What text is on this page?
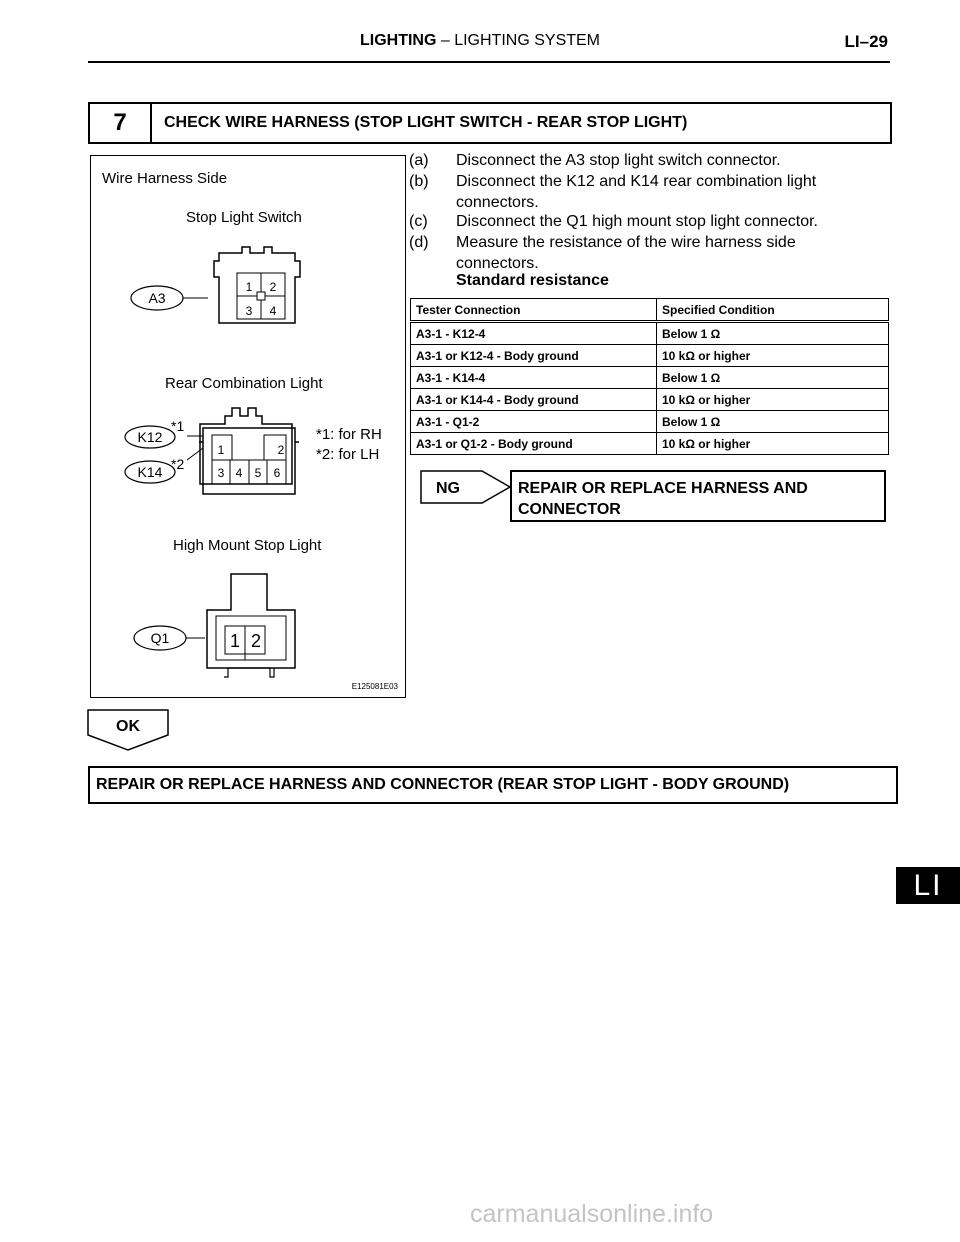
LIGHTING – LIGHTING SYSTEM	LI–29
7	CHECK WIRE HARNESS (STOP LIGHT SWITCH - REAR STOP LIGHT)
Wire Harness Side
Stop Light Switch
A3
1 2
3 4
Rear Combination Light
K12
*1
K14 *2
1	2
3 4 5 6
*1: for RH
*2: for LH
High Mount Stop Light
Q1	1 2
E125081E03
(a) Disconnect the A3 stop light switch connector.
(b) Disconnect the K12 and K14 rear combination light connectors.
(c) Disconnect the Q1 high mount stop light connector.
(d) Measure the resistance of the wire harness side connectors.
Standard resistance
Tester Connection	Specified Condition
A3-1 - K12-4	Below 1 Ω
A3-1 or K12-4 - Body ground	10 kΩ or higher
A3-1 - K14-4	Below 1 Ω
A3-1 or K14-4 - Body ground	10 kΩ or higher
A3-1 - Q1-2	Below 1 Ω
A3-1 or Q1-2 - Body ground	10 kΩ or higher
NG	REPAIR OR REPLACE HARNESS AND
CONNECTOR
OK
REPAIR OR REPLACE HARNESS AND CONNECTOR (REAR STOP LIGHT - BODY GROUND)
LI
carmanualsonline.info
